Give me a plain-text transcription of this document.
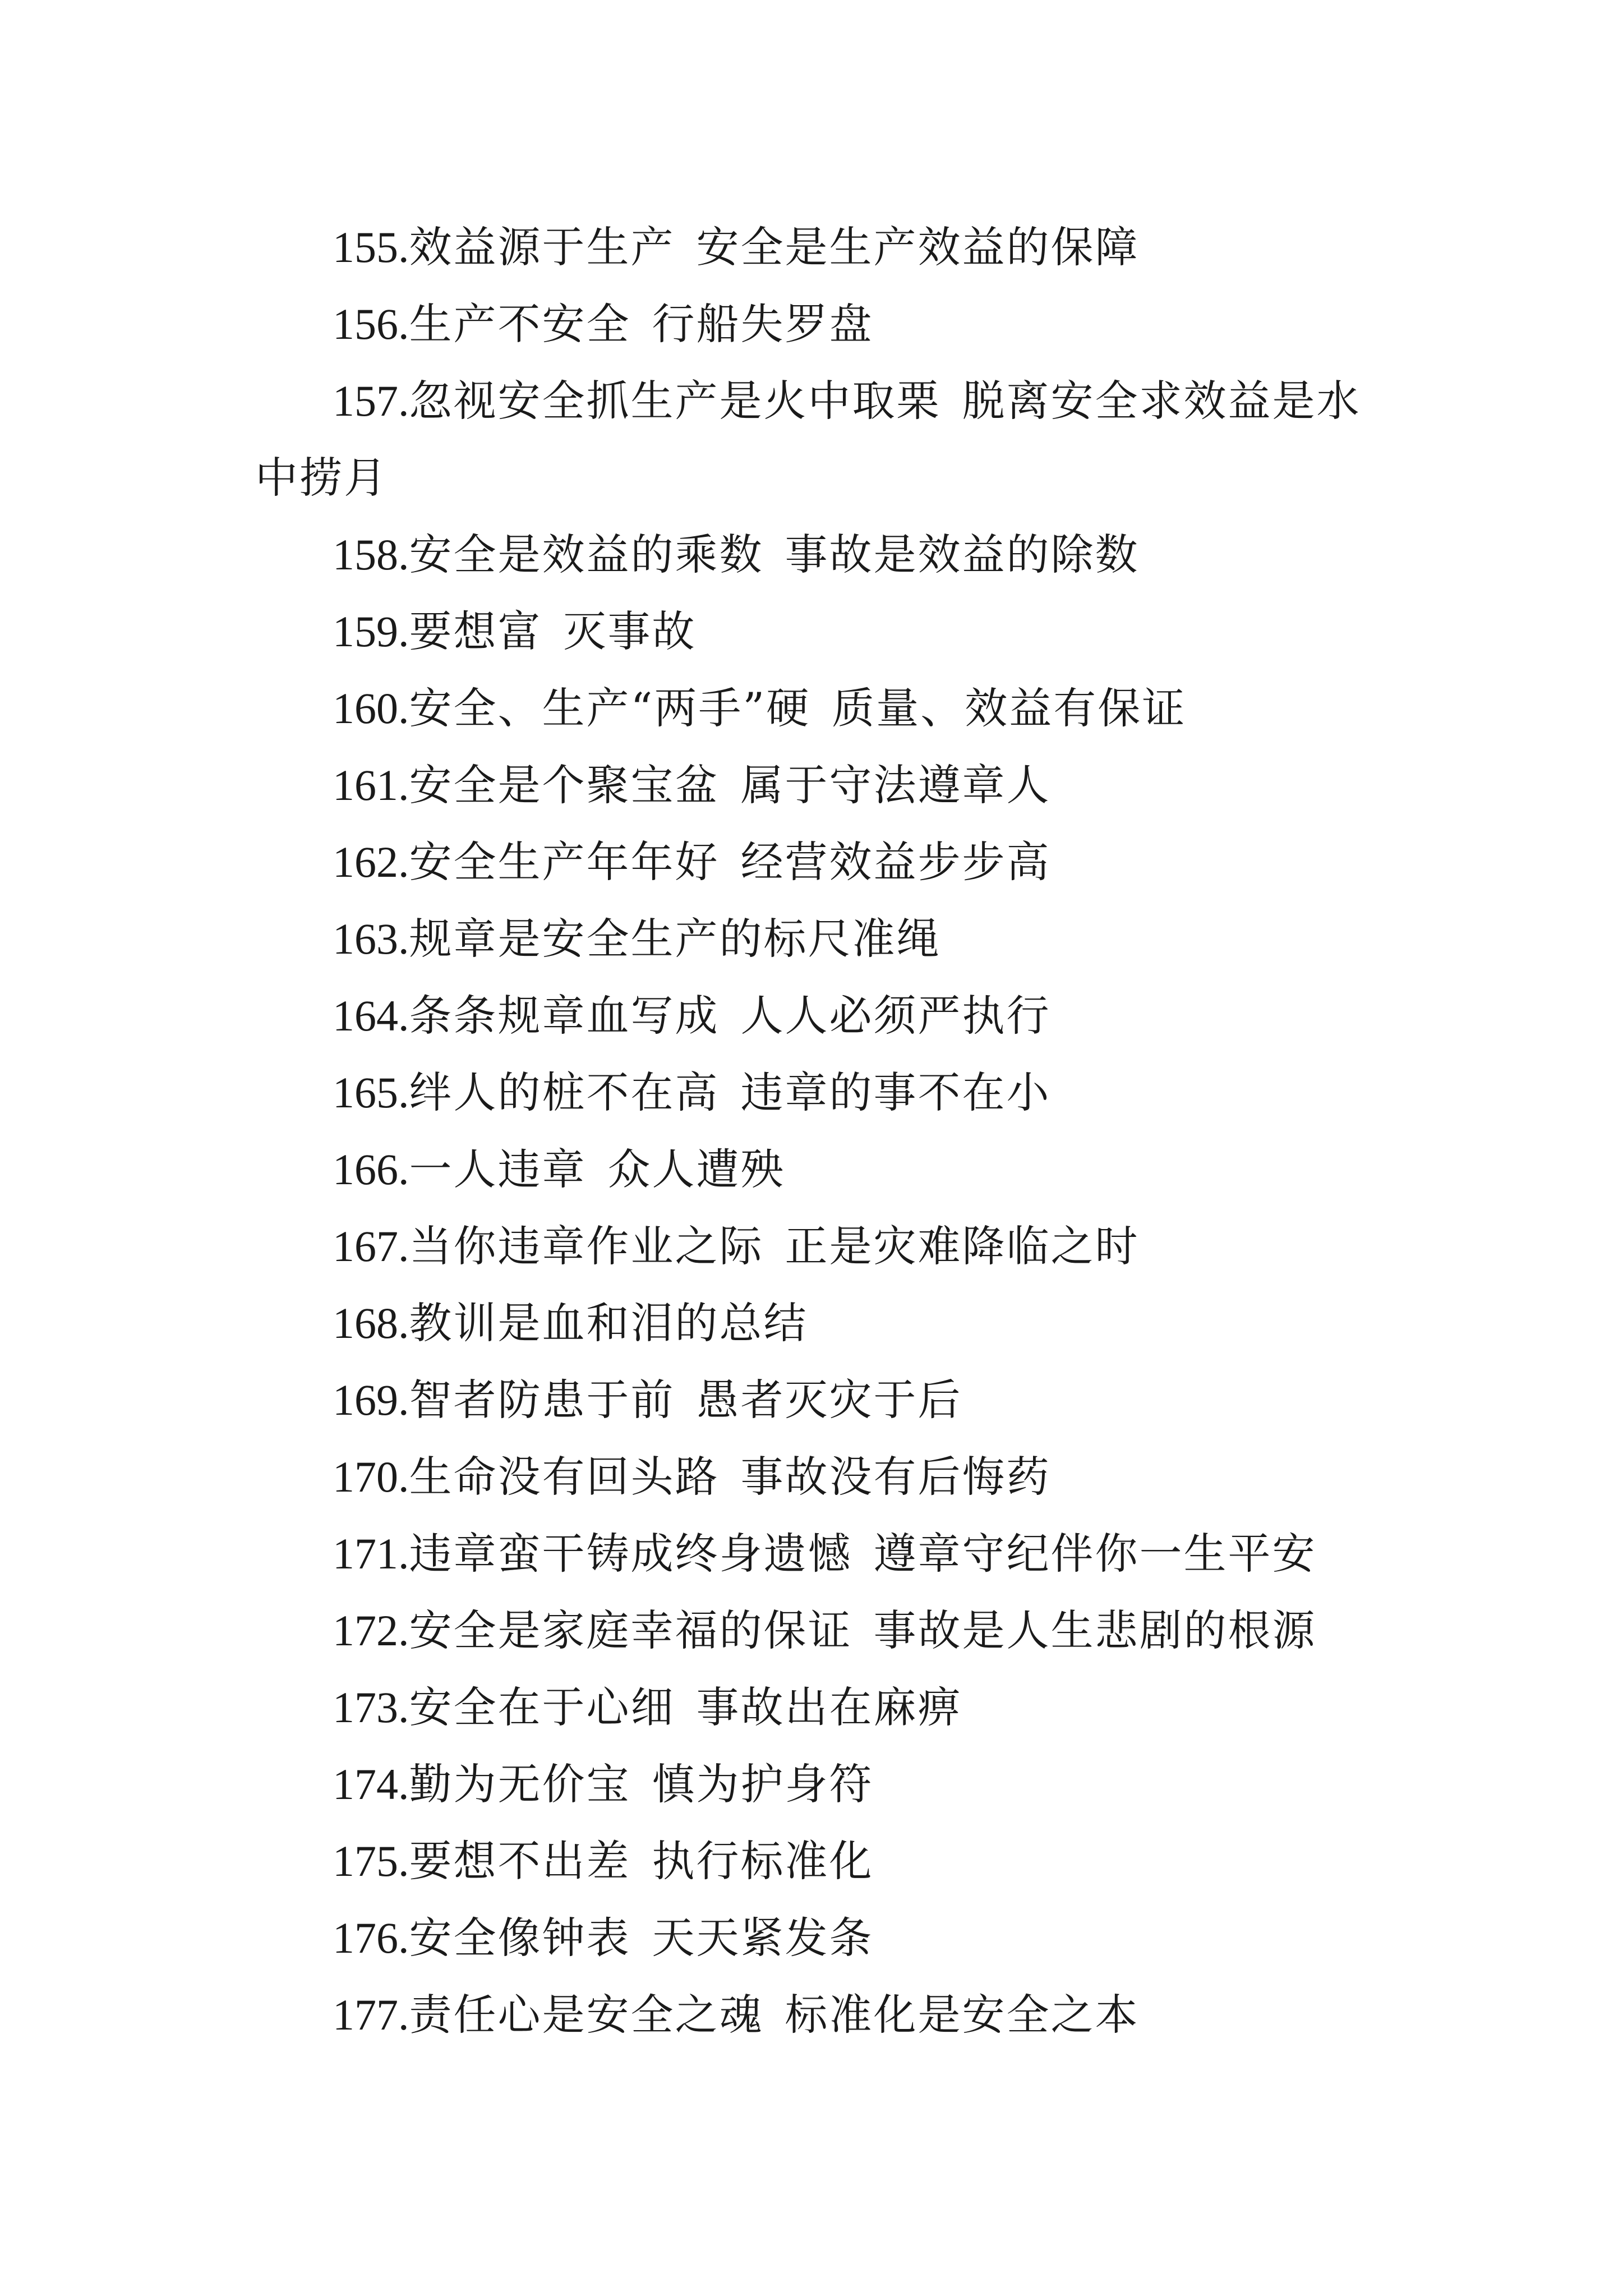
155. 效益源于生产 安全是生产效益的保障
156. 生产不安全 行船失罗盘
157. 忽视安全抓生产是火中取栗 脱离安全求效益是水
中捞月
158. 安全是效益的乘数 事故是效益的除数
159. 要想富 灭事故
160. 安全、生产“两手”硬 质量、效益有保证
161. 安全是个聚宝盆 属于守法遵章人
162. 安全生产年年好 经营效益步步高
163. 规章是安全生产的标尺准绳
164. 条条规章血写成 人人必须严执行
165. 绊人的桩不在高 违章的事不在小
166. 一人违章 众人遭殃
167. 当你违章作业之际 正是灾难降临之时
168. 教训是血和泪的总结
169. 智者防患于前 愚者灭灾于后
170. 生命没有回头路 事故没有后悔药
171. 违章蛮干铸成终身遗憾 遵章守纪伴你一生平安
172. 安全是家庭幸福的保证 事故是人生悲剧的根源
173. 安全在于心细 事故出在麻痹
174. 勤为无价宝 慎为护身符
175. 要想不出差 执行标准化
176. 安全像钟表 天天紧发条
177. 责任心是安全之魂 标准化是安全之本
